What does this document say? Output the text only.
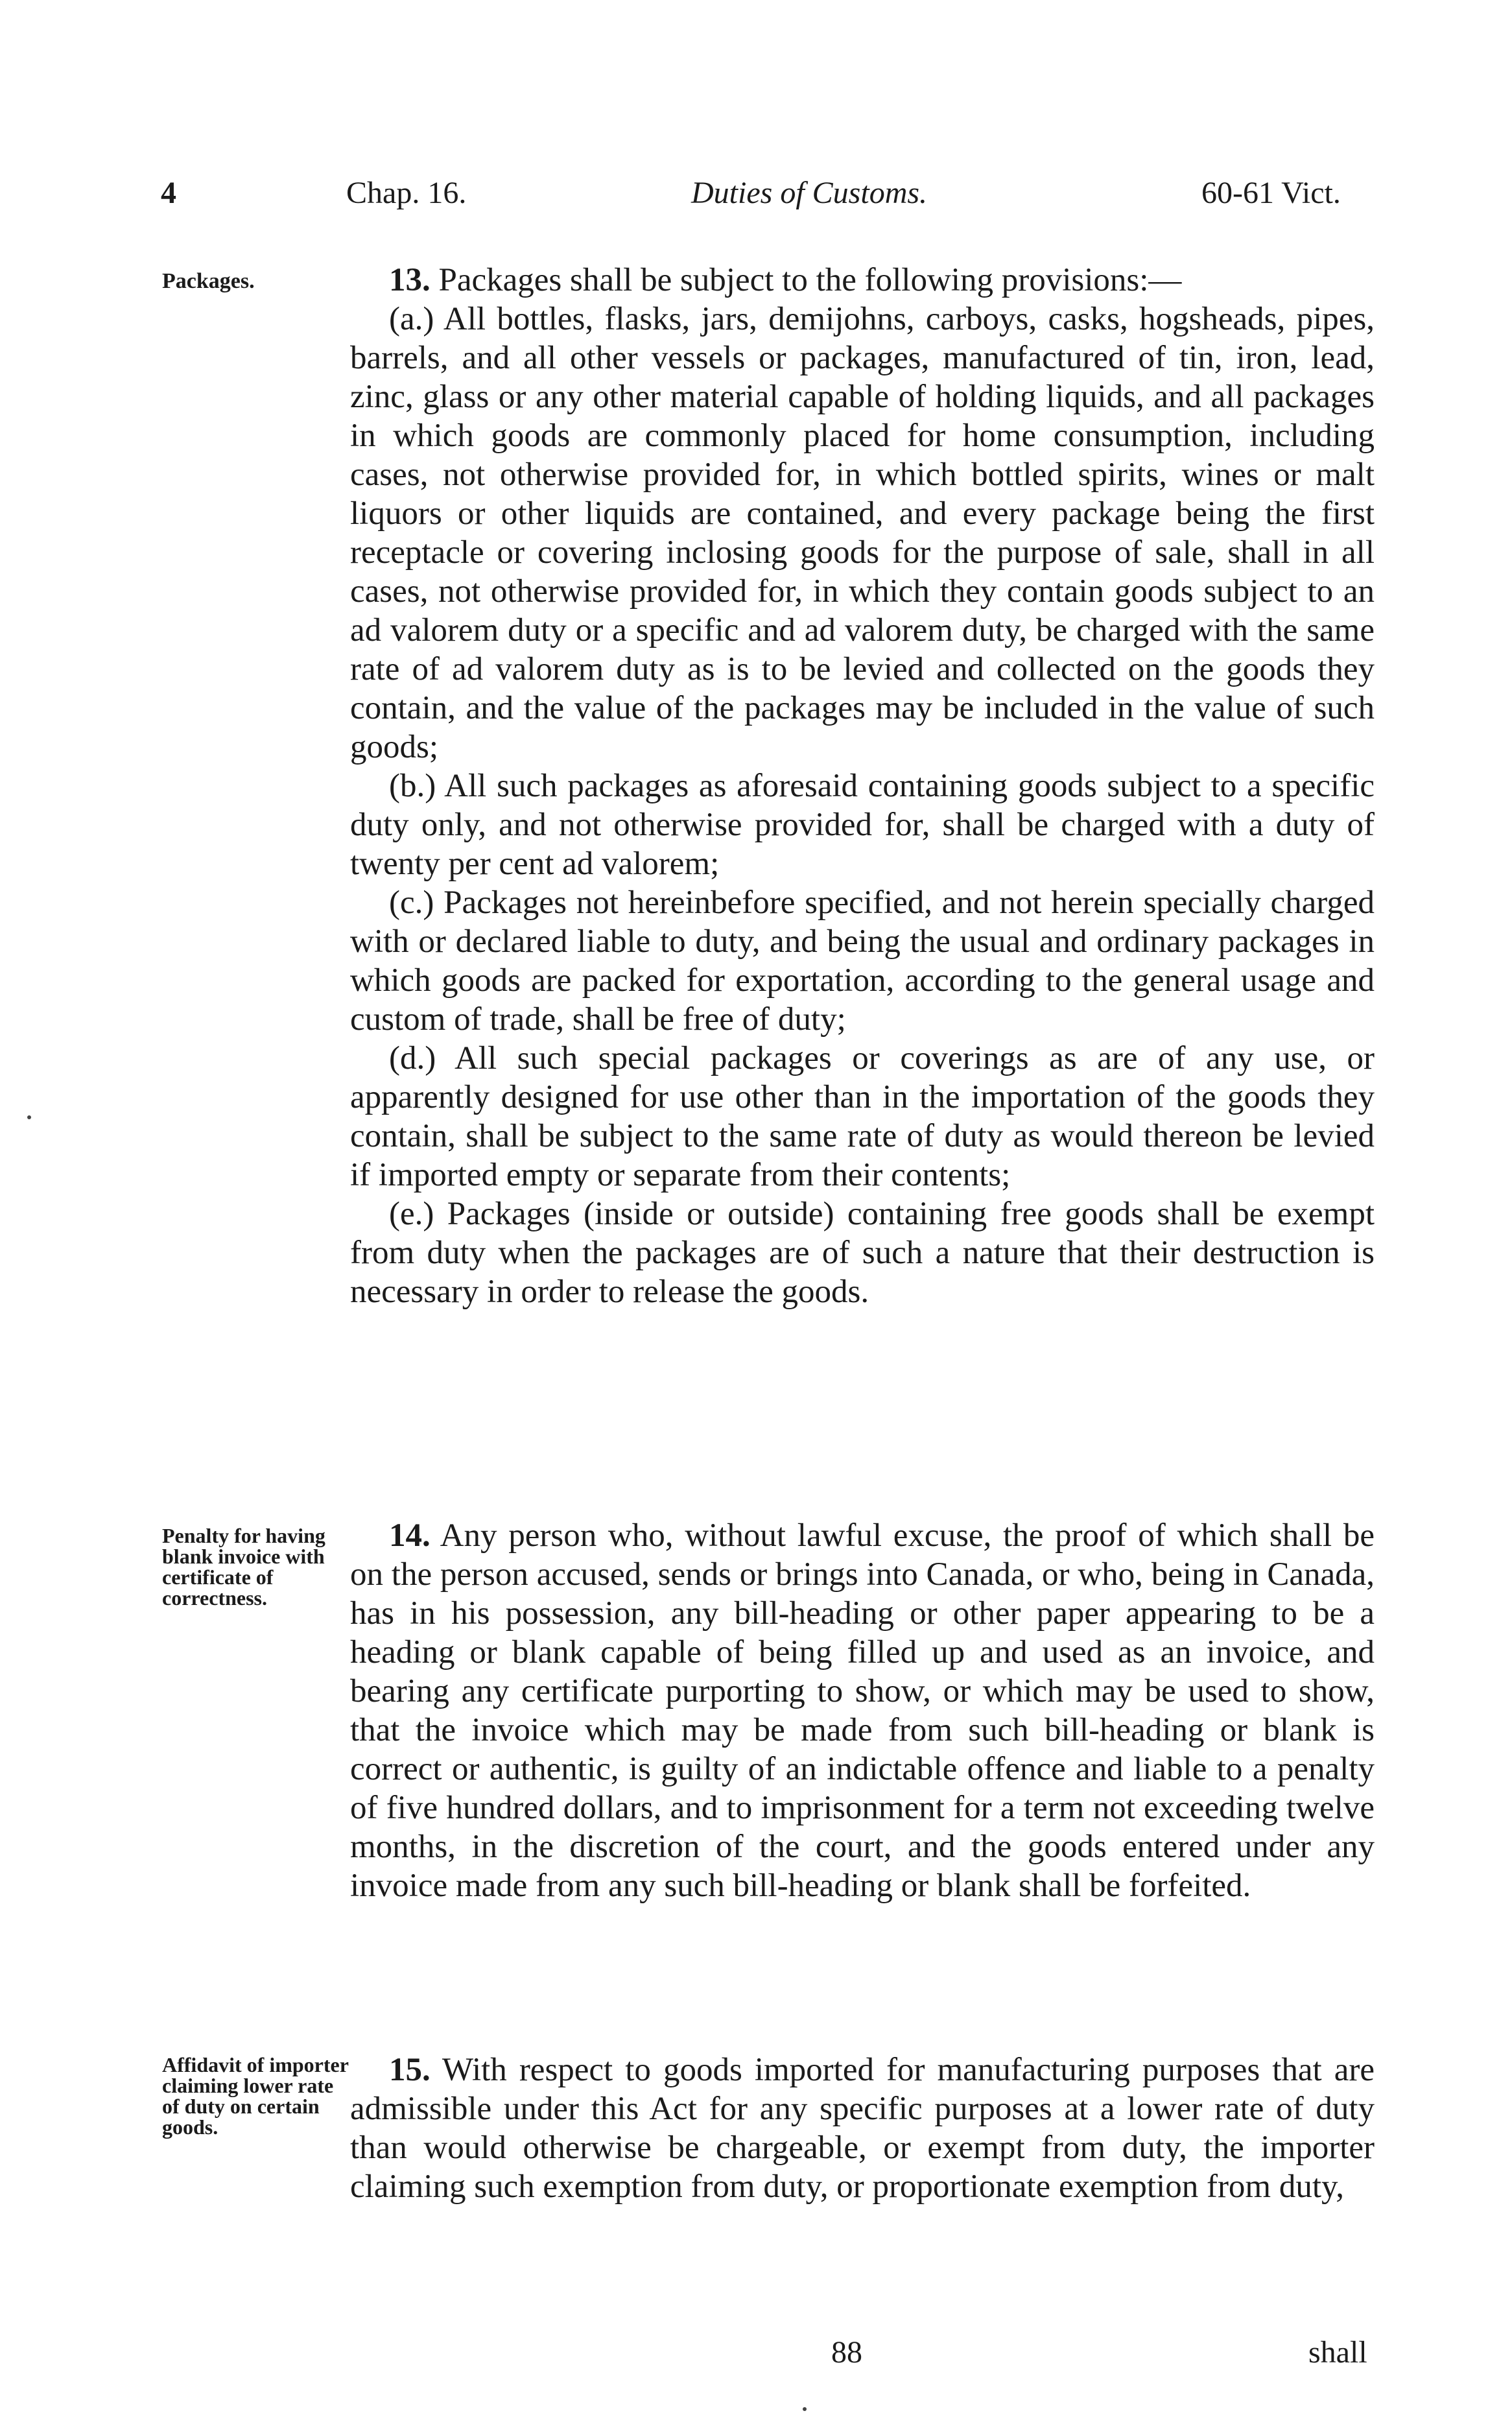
4	Chap. 16.	Duties of Customs.	60-61 Vict.
Packages.	13. Packages shall be subject to the following provisions:—

(a.) All bottles, flasks, jars, demijohns, carboys, casks, hogsheads, pipes, barrels, and all other vessels or packages, manufactured of tin, iron, lead, zinc, glass or any other material capable of holding liquids, and all packages in which goods are commonly placed for home consumption, including cases, not otherwise provided for, in which bottled spirits, wines or malt liquors or other liquids are contained, and every package being the first receptacle or covering inclosing goods for the purpose of sale, shall in all cases, not otherwise provided for, in which they contain goods subject to an ad valorem duty or a specific and ad valorem duty, be charged with the same rate of ad valorem duty as is to be levied and collected on the goods they contain, and the value of the packages may be included in the value of such goods;

(b.) All such packages as aforesaid containing goods subject to a specific duty only, and not otherwise provided for, shall be charged with a duty of twenty per cent ad valorem;

(c.) Packages not hereinbefore specified, and not herein specially charged with or declared liable to duty, and being the usual and ordinary packages in which goods are packed for exportation, according to the general usage and custom of trade, shall be free of duty;

(d.) All such special packages or coverings as are of any use, or apparently designed for use other than in the importation of the goods they contain, shall be subject to the same rate of duty as would thereon be levied if imported empty or separate from their contents;

(e.) Packages (inside or outside) containing free goods shall be exempt from duty when the packages are of such a nature that their destruction is necessary in order to release the goods.

Penalty for having blank invoice with certificate of correctness.

14. Any person who, without lawful excuse, the proof of which shall be on the person accused, sends or brings into Canada, or who, being in Canada, has in his possession, any bill-heading or other paper appearing to be a heading or blank capable of being filled up and used as an invoice, and bearing any certificate purporting to show, or which may be used to show, that the invoice which may be made from such bill-heading or blank is correct or authentic, is guilty of an indictable offence and liable to a penalty of five hundred dollars, and to imprisonment for a term not exceeding twelve months, in the discretion of the court, and the goods entered under any invoice made from any such bill-heading or blank shall be forfeited.

Affidavit of importer claiming lower rate of duty on certain goods.

15. With respect to goods imported for manufacturing purposes that are admissible under this Act for any specific purposes at a lower rate of duty than would otherwise be chargeable, or exempt from duty, the importer claiming such exemption from duty, or proportionate exemption from duty,

88	shall
